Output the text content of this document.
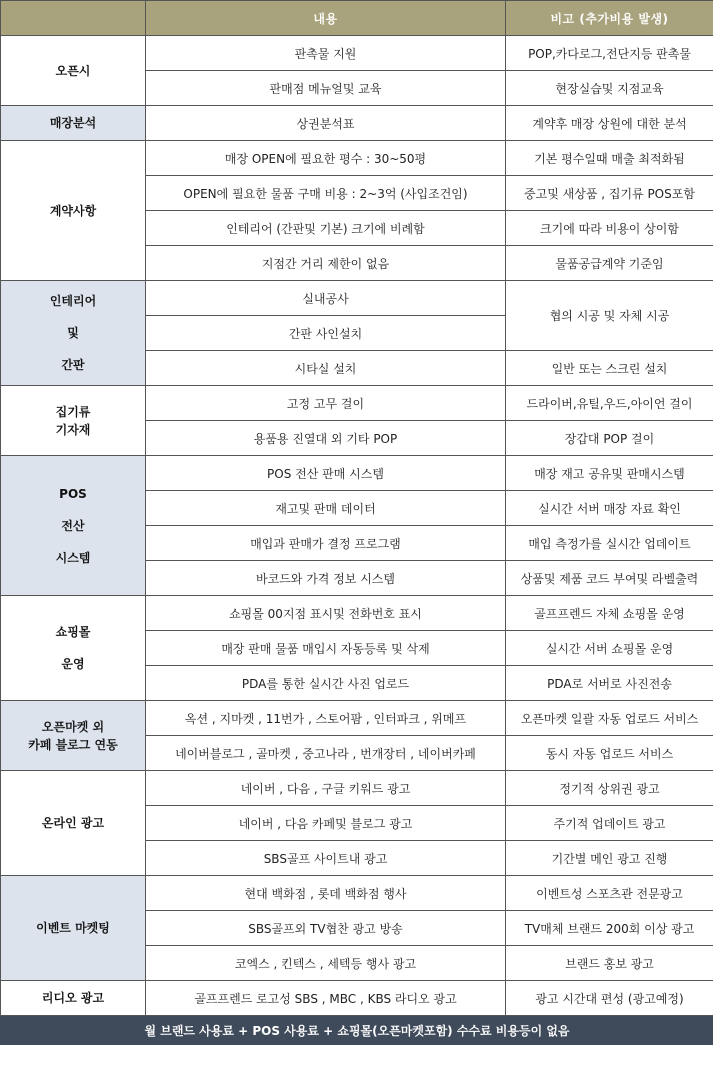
	내용	비고 (추가비용 발생)
오픈시	판촉물 지원	POP,카다로그,전단지등 판촉물
	판매점 메뉴얼및 교육	현장실습및 지점교육
매장분석	상권분석표	계약후 매장 상원에 대한 분석
계약사항	매장 OPEN에 필요한 평수 : 30~50평	기본 평수일때 매출 최적화됨
	OPEN에 필요한 물품 구매 비용 : 2~3억 (사입조건임)	중고및 새상품 , 집기류 POS포함
	인테리어 (간판및 기본) 크기에 비례함	크기에 따라 비용이 상이함
	지점간 거리 제한이 없음	물품공급계약 기준임

인테리어
및
간판	실내공사	협의 시공 및 자체 시공
	간판 사인설치	
	시타실 설치	일반 또는 스크린 설치

집기류
기자재	고정 고무 걸이	드라이버,유틸,우드,아이언 걸이
	용품용 진열대 외 기타 POP	장갑대 POP 걸이

POS
전산
시스템	POS 전산 판매 시스템	매장 재고 공유및 판매시스템
	재고및 판매 데이터	실시간 서버 매장 자료 확인
	매입과 판매가 결정 프로그램	매입 측정가를 실시간 업데이트
	바코드와 가격 정보 시스템	상품및 제품 코드 부여및 라벨출력

쇼핑몰
운영	쇼핑몰 00지점 표시및 전화번호 표시	골프프렌드 자체 쇼핑몰 운영
	매장 판매 물품 매입시 자동등록 및 삭제	실시간 서버 쇼핑몰 운영
	PDA를 통한 실시간 사진 업로드	PDA로 서버로 사진전송

오픈마켓 외
카페 블로그 연동	옥션 , 지마켓 , 11번가 , 스토어팜 , 인터파크 , 위메프	오픈마켓 일괄 자동 업로드 서비스
	네이버블로그 , 골마켓 , 중고나라 , 번개장터 , 네이버카페	동시 자동 업로드 서비스
온라인 광고	네이버 , 다음 , 구글 키워드 광고	정기적 상위권 광고
	네이버 , 다음 카페및 블로그 광고	주기적 업데이트 광고
	SBS골프 사이트내 광고	기간별 메인 광고 진행
이벤트 마켓팅	현대 백화점 , 롯데 백화점 행사	이벤트성 스포츠관 전문광고
	SBS골프외 TV협찬 광고 방송	TV매체 브랜드 200회 이상 광고
	코엑스 , 킨텍스 , 세텍등 행사 광고	브랜드 홍보 광고
리디오 광고	골프프렌드 로고성 SBS , MBC , KBS 라디오 광고	광고 시간대 편성 (광고예정)
월 브랜드 사용료 + POS 사용료 + 쇼핑몰(오픈마켓포함) 수수료 비용등이 없음		
